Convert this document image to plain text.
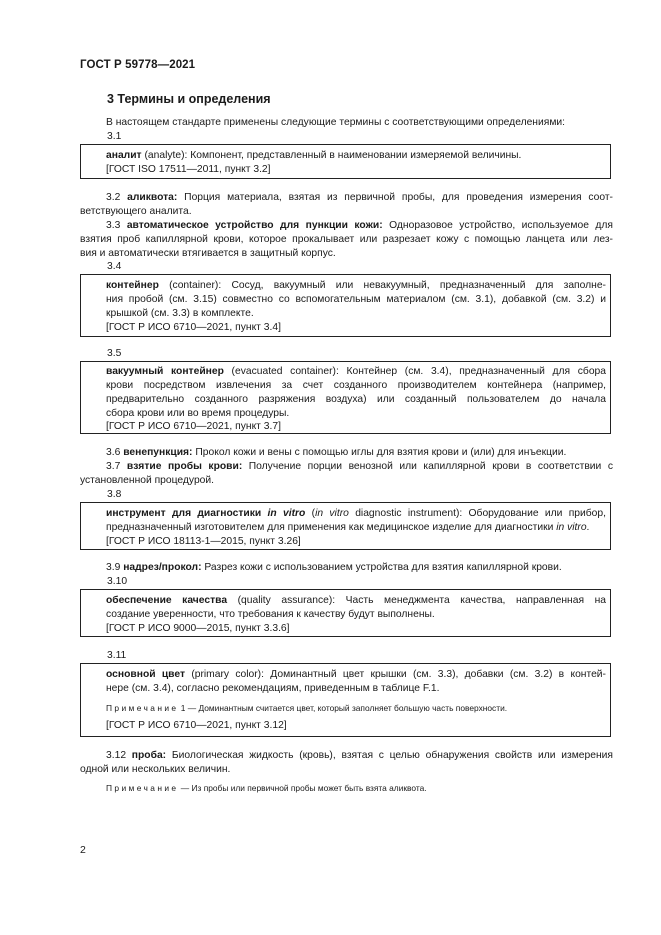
ГОСТ Р 59778—2021
3 Термины и определения
В настоящем стандарте применены следующие термины с соответствующими определениями:
3.1
аналит (analyte): Компонент, представленный в наименовании измеряемой величины.
[ГОСТ ISO 17511—2011, пункт 3.2]
3.2 аликвота: Порция материала, взятая из первичной пробы, для проведения измерения соот-
ветствующего аналита.
3.3 автоматическое устройство для пункции кожи: Одноразовое устройство, используемое для
взятия проб капиллярной крови, которое прокалывает или разрезает кожу с помощью ланцета или лез-
вия и автоматически втягивается в защитный корпус.
3.4
контейнер (container): Сосуд, вакуумный или невакуумный, предназначенный для заполне-
ния пробой (см. 3.15) совместно со вспомогательным материалом (см. 3.1), добавкой (см. 3.2) и
крышкой (см. 3.3) в комплекте.
[ГОСТ Р ИСО 6710—2021, пункт 3.4]
3.5
вакуумный контейнер (evacuated container): Контейнер (см. 3.4), предназначенный для сбора
крови посредством извлечения за счет созданного производителем контейнера (например,
предварительно созданного разряжения воздуха) или созданный пользователем до начала
сбора крови или во время процедуры.
[ГОСТ Р ИСО 6710—2021, пункт 3.7]
3.6 венепункция: Прокол кожи и вены с помощью иглы для взятия крови и (или) для инъекции.
3.7 взятие пробы крови: Получение порции венозной или капиллярной крови в соответствии с
установленной процедурой.
3.8
инструмент для диагностики in vitro (in vitro diagnostic instrument): Оборудование или прибор,
предназначенный изготовителем для применения как медицинское изделие для диагностики in vitro.
[ГОСТ Р ИСО 18113-1—2015, пункт 3.26]
3.9 надрез/прокол: Разрез кожи с использованием устройства для взятия капиллярной крови.
3.10
обеспечение качества (quality assurance): Часть менеджмента качества, направленная на
создание уверенности, что требования к качеству будут выполнены.
[ГОСТ Р ИСО 9000—2015, пункт 3.3.6]
3.11
основной цвет (primary color): Доминантный цвет крышки (см. 3.3), добавки (см. 3.2) в контей-
нере (см. 3.4), согласно рекомендациям, приведенным в таблице F.1.
Примечание 1 — Доминантным считается цвет, который заполняет большую часть поверхности.
[ГОСТ Р ИСО 6710—2021, пункт 3.12]
3.12 проба: Биологическая жидкость (кровь), взятая с целью обнаружения свойств или измерения
одной или нескольких величин.
Примечание — Из пробы или первичной пробы может быть взята аликвота.
2
